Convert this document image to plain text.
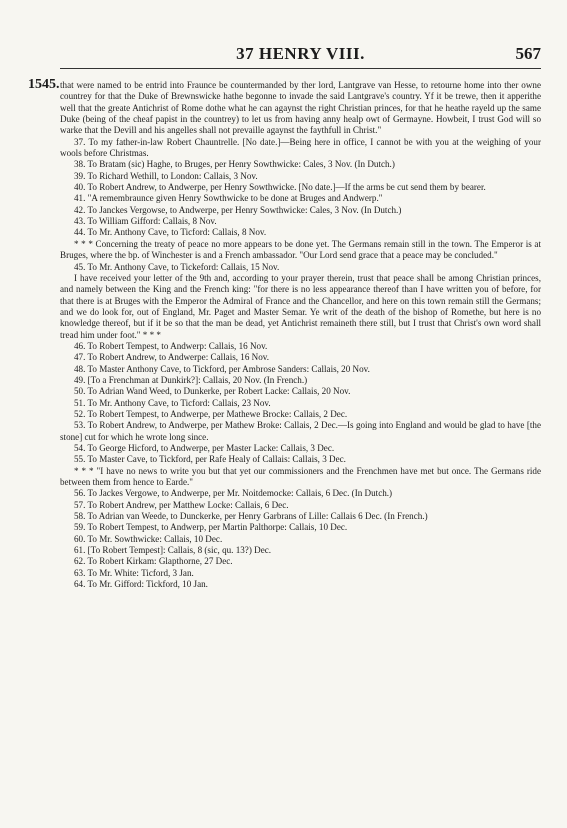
37 HENRY VIII.	567
1545. that were named to be entrid into Fraunce be countermanded by ther lord, Lantgrave van Hesse, to retourne home into ther owne countrey for that the Duke of Brewnswicke hathe begonne to invade the said Lantgrave's country. Yf it be trewe, then it apperithe well that the greate Antichrist of Rome dothe what he can agaynst the right Christian princes, for that he heathe rayeld up the same Duke (being of the cheaf papist in the countrey) to let us from having anny healp owt of Germayne. Howbeit, I trust God will so warke that the Devill and his angelles shall not prevaille agaynst the faythfull in Christ."

37. To my father-in-law Robert Chauntrelle. [No date.]—Being here in office, I cannot be with you at the weighing of your wools before Christmas.

38. To Bratam (sic) Haghe, to Bruges, per Henry Sowthwicke: Cales, 3 Nov. (In Dutch.)

39. To Richard Wethill, to London: Callais, 3 Nov.

40. To Robert Andrew, to Andwerpe, per Henry Sowthwicke. [No date.]—If the arms be cut send them by bearer.

41. "A remembraunce given Henry Sowthwicke to be done at Bruges and Andwerp."

42. To Janckes Vergowse, to Andwerpe, per Henry Sowthwicke: Cales, 3 Nov. (In Dutch.)

43. To William Gifford: Callais, 8 Nov.

44. To Mr. Anthony Cave, to Ticford: Callais, 8 Nov.

* * * Concerning the treaty of peace no more appears to be done yet. The Germans remain still in the town. The Emperor is at Bruges, where the bp. of Winchester is and a French ambassador. "Our Lord send grace that a peace may be concluded."

45. To Mr. Anthony Cave, to Tickeford: Callais, 15 Nov.

I have received your letter of the 9th and, according to your prayer therein, trust that peace shall be among Christian princes, and namely between the King and the French king: "for there is no less appearance thereof than I have written you of before, for that there is at Bruges with the Emperor the Admiral of France and the Chancellor, and here on this town remain still the Germans; and we do look for, out of England, Mr. Paget and Master Semar. Ye writ of the death of the bishop of Romethe, but here is no knowledge thereof, but if it be so that the man be dead, yet Antichrist remaineth there still, but I trust that Christ's own word shall tread him under foot." * * *

46. To Robert Tempest, to Andwerp: Callais, 16 Nov.

47. To Robert Andrew, to Andwerpe: Callais, 16 Nov.

48. To Master Anthony Cave, to Tickford, per Ambrose Sanders: Callais, 20 Nov.

49. [To a Frenchman at Dunkirk?]: Callais, 20 Nov. (In French.)

50. To Adrian Wand Weed, to Dunkerke, per Robert Lacke: Callais, 20 Nov.

51. To Mr. Anthony Cave, to Ticford: Callais, 23 Nov.

52. To Robert Tempest, to Andwerpe, per Mathewe Brocke: Callais, 2 Dec.

53. To Robert Andrew, to Andwerpe, per Mathew Broke: Callais, 2 Dec.—Is going into England and would be glad to have [the stone] cut for which he wrote long since.

54. To George Hicford, to Andwerpe, per Master Lacke: Callais, 3 Dec.

55. To Master Cave, to Tickford, per Rafe Healy of Callais: Callais, 3 Dec.

* * * "I have no news to write you but that yet our commissioners and the Frenchmen have met but once. The Germans ride between them from hence to Earde."

56. To Jackes Vergowe, to Andwerpe, per Mr. Noitdemocke: Callais, 6 Dec. (In Dutch.)

57. To Robert Andrew, per Matthew Locke: Callais, 6 Dec.

58. To Adrian van Weede, to Dunckerke, per Henry Garbrans of Lille: Callais 6 Dec. (In French.)

59. To Robert Tempest, to Andwerp, per Martin Palthorpe: Callais, 10 Dec.

60. To Mr. Sowthwicke: Callais, 10 Dec.

61. [To Robert Tempest]: Callais, 8 (sic, qu. 13?) Dec.

62. To Robert Kirkam: Glapthorne, 27 Dec.

63. To Mr. White: Ticford, 3 Jan.

64. To Mr. Gifford: Tickford, 10 Jan.
